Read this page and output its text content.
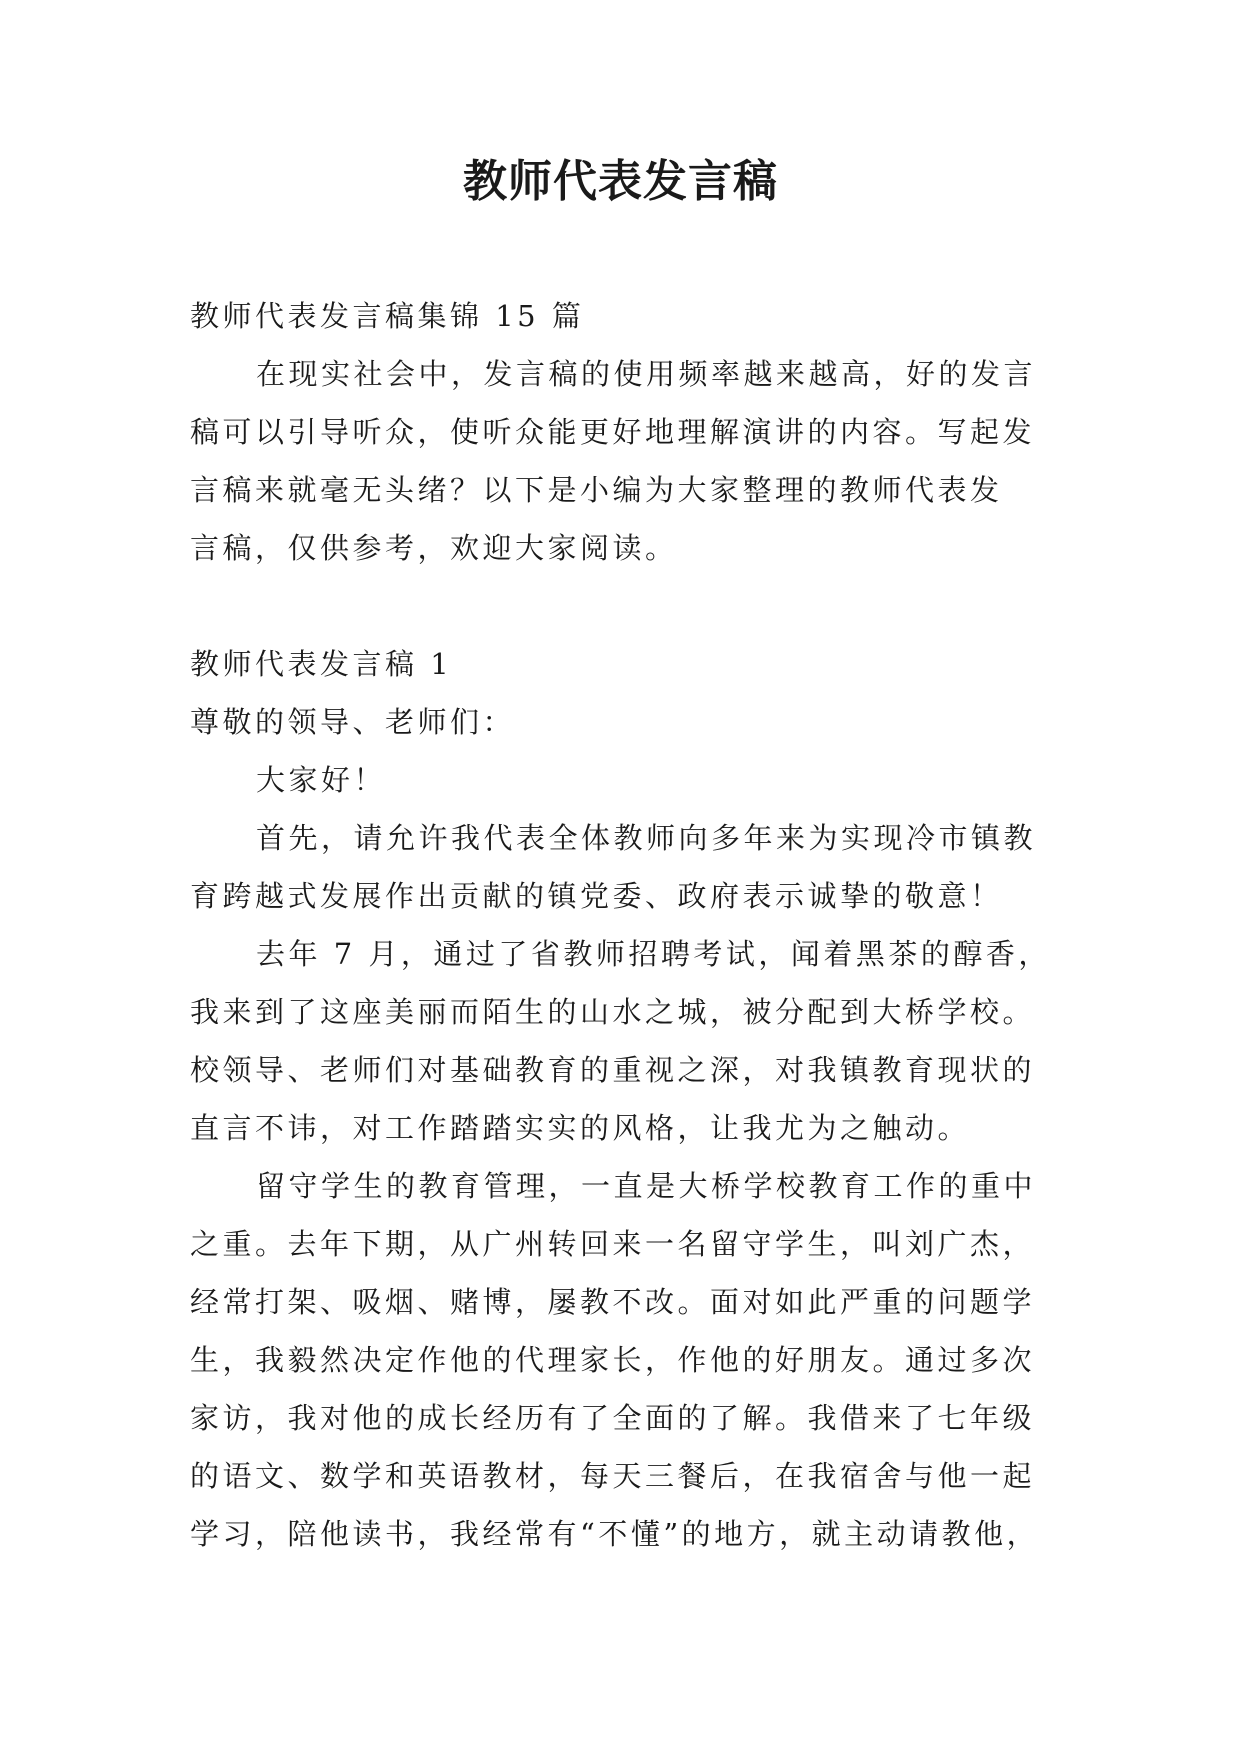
教师代表发言稿
教师代表发言稿集锦 15 篇
在现实社会中，发言稿的使用频率越来越高，好的发言
稿可以引导听众，使听众能更好地理解演讲的内容。写起发
言稿来就毫无头绪？以下是小编为大家整理的教师代表发
言稿，仅供参考，欢迎大家阅读。
教师代表发言稿 1
尊敬的领导、老师们：
大家好！
首先，请允许我代表全体教师向多年来为实现冷市镇教
育跨越式发展作出贡献的镇党委、政府表示诚挚的敬意！
去年 7 月，通过了省教师招聘考试，闻着黑茶的醇香，
我来到了这座美丽而陌生的山水之城，被分配到大桥学校。
校领导、老师们对基础教育的重视之深，对我镇教育现状的
直言不讳，对工作踏踏实实的风格，让我尤为之触动。
留守学生的教育管理，一直是大桥学校教育工作的重中
之重。去年下期，从广州转回来一名留守学生，叫刘广杰，
经常打架、吸烟、赌博，屡教不改。面对如此严重的问题学
生，我毅然决定作他的代理家长，作他的好朋友。通过多次
家访，我对他的成长经历有了全面的了解。我借来了七年级
的语文、数学和英语教材，每天三餐后，在我宿舍与他一起
学习，陪他读书，我经常有“不懂”的地方，就主动请教他，
